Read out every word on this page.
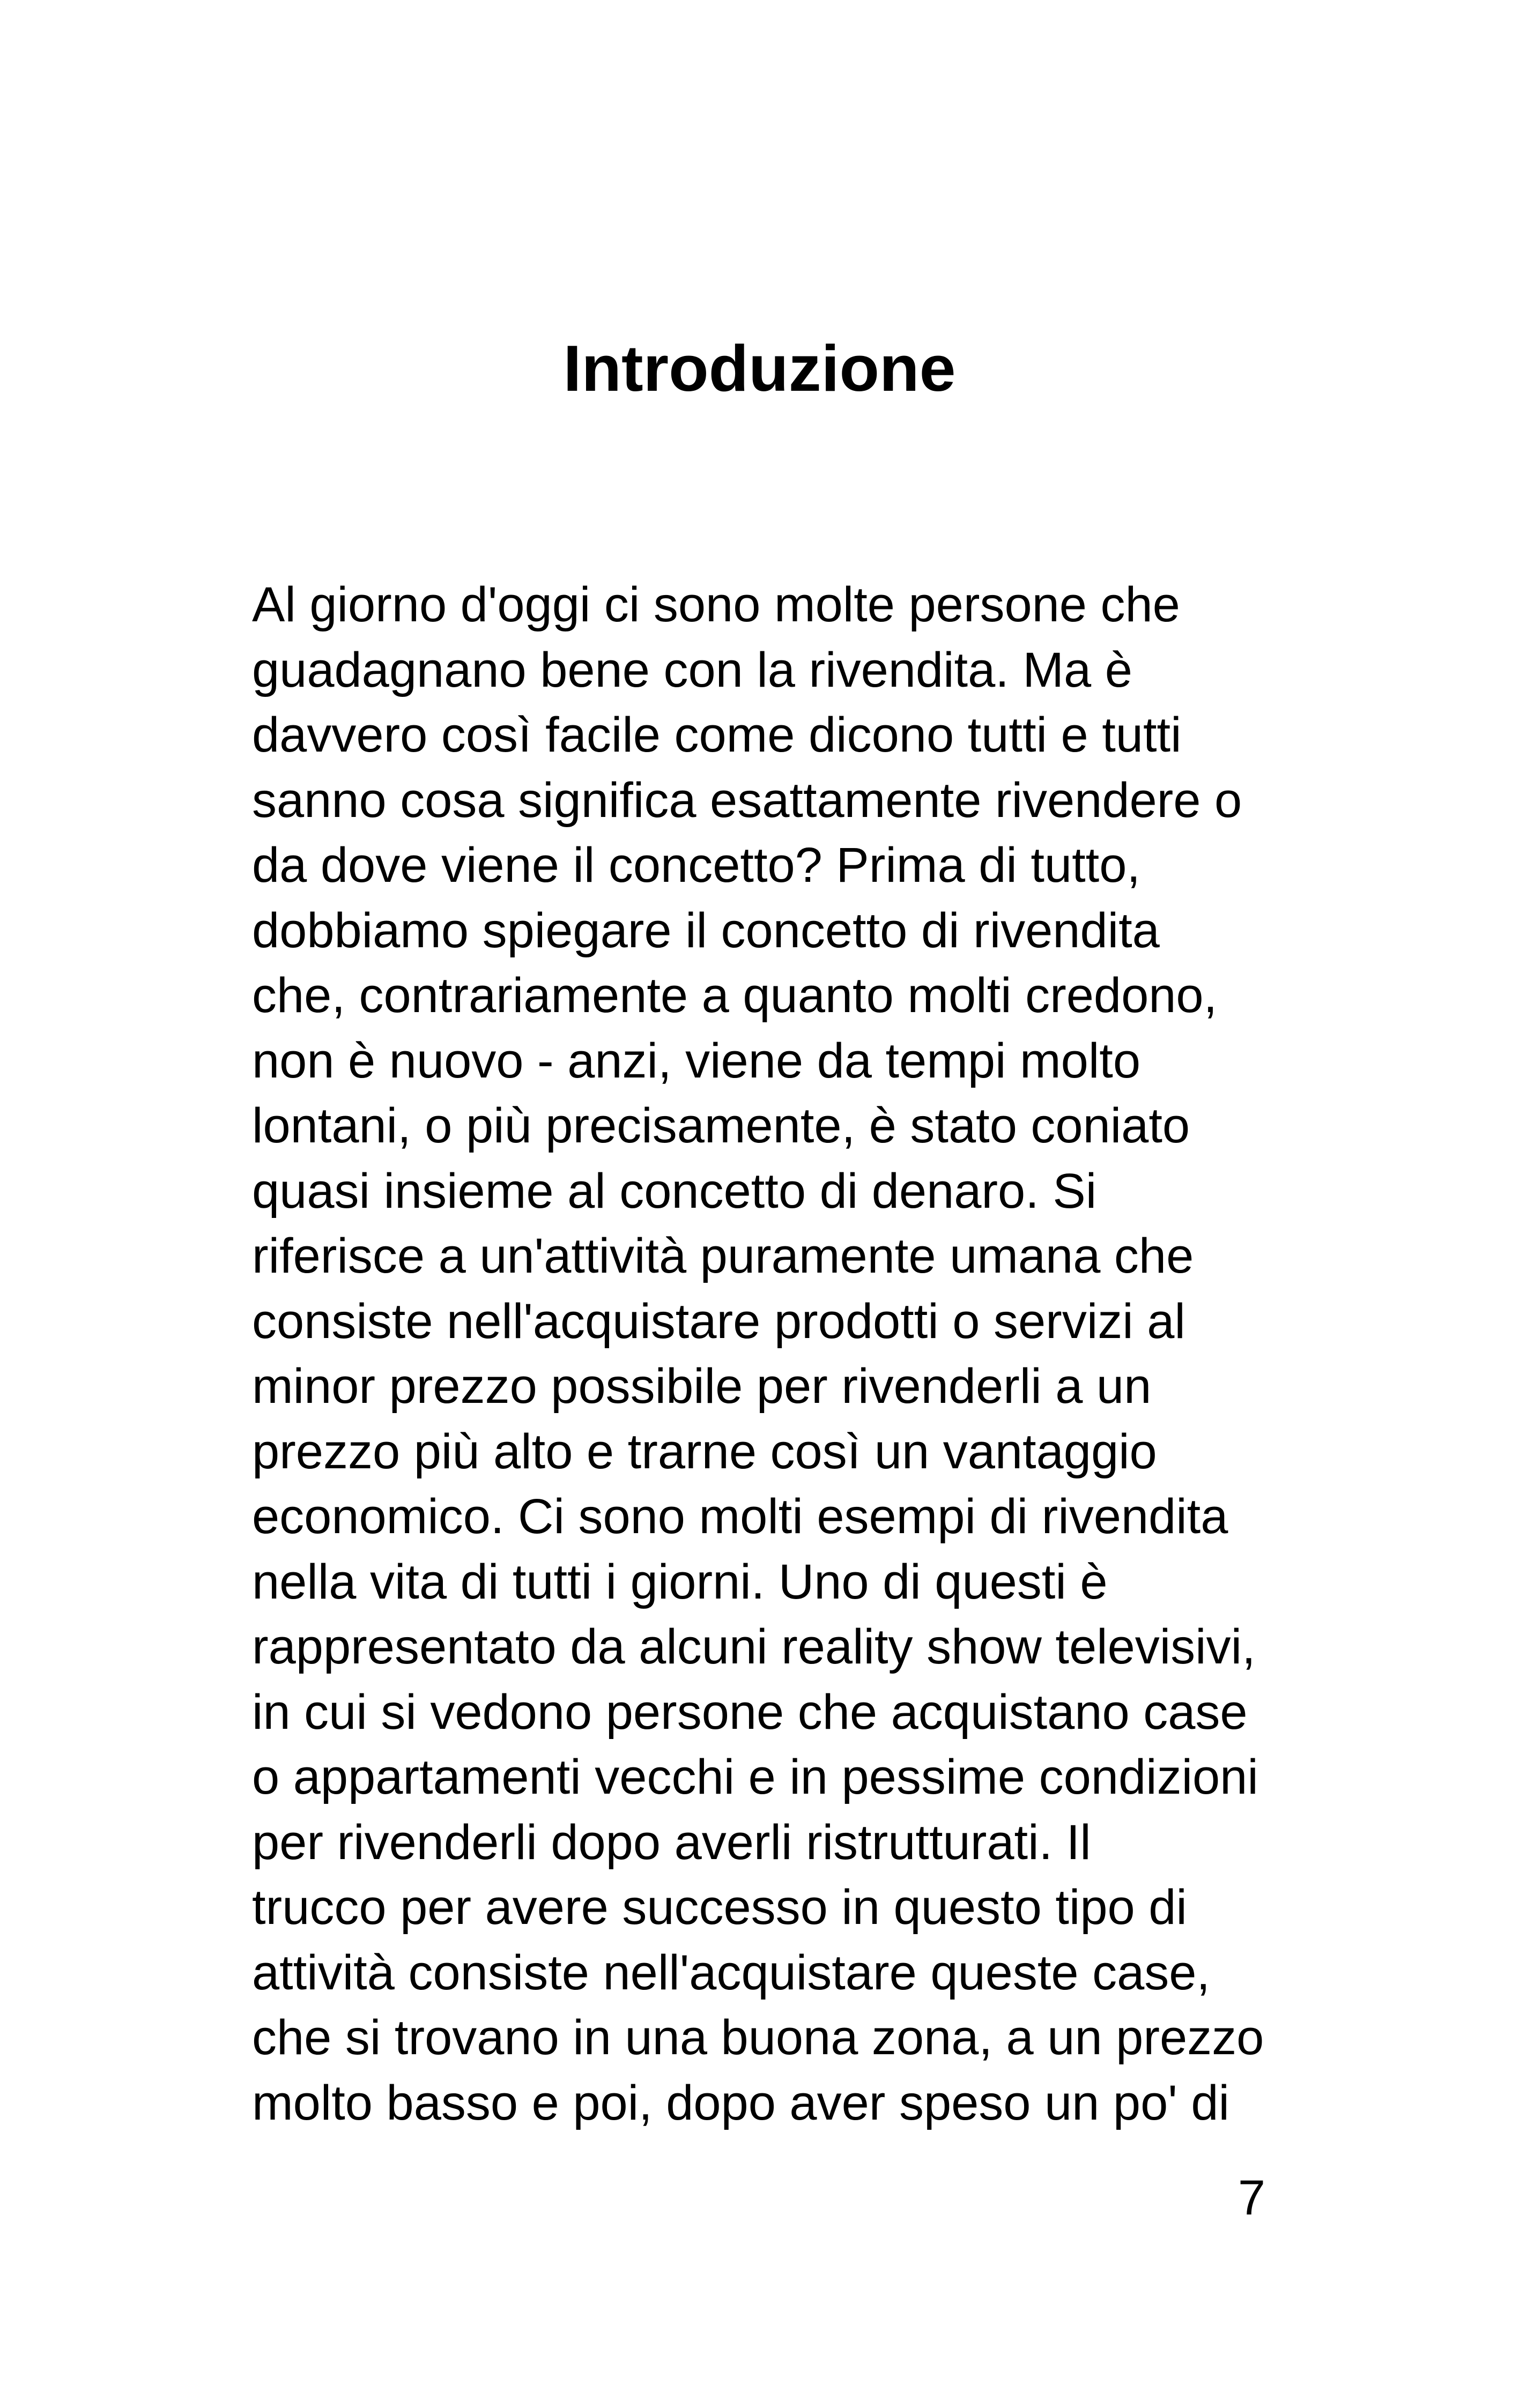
Introduzione
Al giorno d'oggi ci sono molte persone che
guadagnano bene con la rivendita. Ma è
davvero così facile come dicono tutti e tutti
sanno cosa significa esattamente rivendere o
da dove viene il concetto? Prima di tutto,
dobbiamo spiegare il concetto di rivendita
che, contrariamente a quanto molti credono,
non è nuovo - anzi, viene da tempi molto
lontani, o più precisamente, è stato coniato
quasi insieme al concetto di denaro. Si
riferisce a un'attività puramente umana che
consiste nell'acquistare prodotti o servizi al
minor prezzo possibile per rivenderli a un
prezzo più alto e trarne così un vantaggio
economico. Ci sono molti esempi di rivendita
nella vita di tutti i giorni. Uno di questi è
rappresentato da alcuni reality show televisivi,
in cui si vedono persone che acquistano case
o appartamenti vecchi e in pessime condizioni
per rivenderli dopo averli ristrutturati. Il
trucco per avere successo in questo tipo di
attività consiste nell'acquistare queste case,
che si trovano in una buona zona, a un prezzo
molto basso e poi, dopo aver speso un po' di
7
